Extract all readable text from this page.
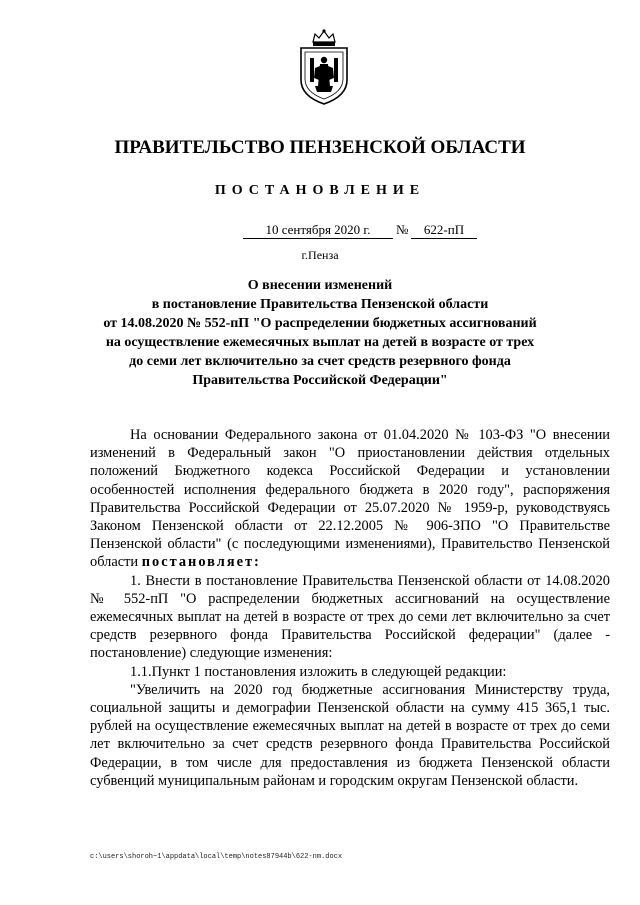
ПРАВИТЕЛЬСТВО ПЕНЗЕНСКОЙ ОБЛАСТИ
ПОСТАНОВЛЕНИЕ
10 сентября 2020 г.	№	622-пП
г.Пенза
О внесении изменений
в постановление Правительства Пензенской области
от 14.08.2020 № 552-пП "О распределении бюджетных ассигнований
на осуществление ежемесячных выплат на детей в возрасте от трех
до семи лет включительно за счет средств резервного фонда
Правительства Российской Федерации"

На основании Федерального закона от 01.04.2020 № 103-ФЗ "О внесении изменений в Федеральный закон "О приостановлении действия отдельных положений Бюджетного кодекса Российской Федерации и установлении особенностей исполнения федерального бюджета в 2020 году", распоряжения Правительства Российской Федерации от 25.07.2020 № 1959-р, руководствуясь Законом Пензенской области от 22.12.2005 № 906-ЗПО "О Правительстве Пензенской области" (с последующими изменениями), Правительство Пензенской области постановляет:

1. Внести в постановление Правительства Пензенской области от 14.08.2020 № 552-пП "О распределении бюджетных ассигнований на осуществление ежемесячных выплат на детей в возрасте от трех до семи лет включительно за счет средств резервного фонда Правительства Российской федерации" (далее - постановление) следующие изменения:

1.1.Пункт 1 постановления изложить в следующей редакции:

"Увеличить на 2020 год бюджетные ассигнования Министерству труда, социальной защиты и демографии Пензенской области на сумму 415 365,1 тыс. рублей на осуществление ежемесячных выплат на детей в возрасте от трех до семи лет включительно за счет средств резервного фонда Правительства Российской Федерации, в том числе для предоставления из бюджета Пензенской области субвенций муниципальным районам и городским округам Пензенской области.

c:\users\shoroh~1\appdata\local\temp\notes87944b\622-nm.docx
